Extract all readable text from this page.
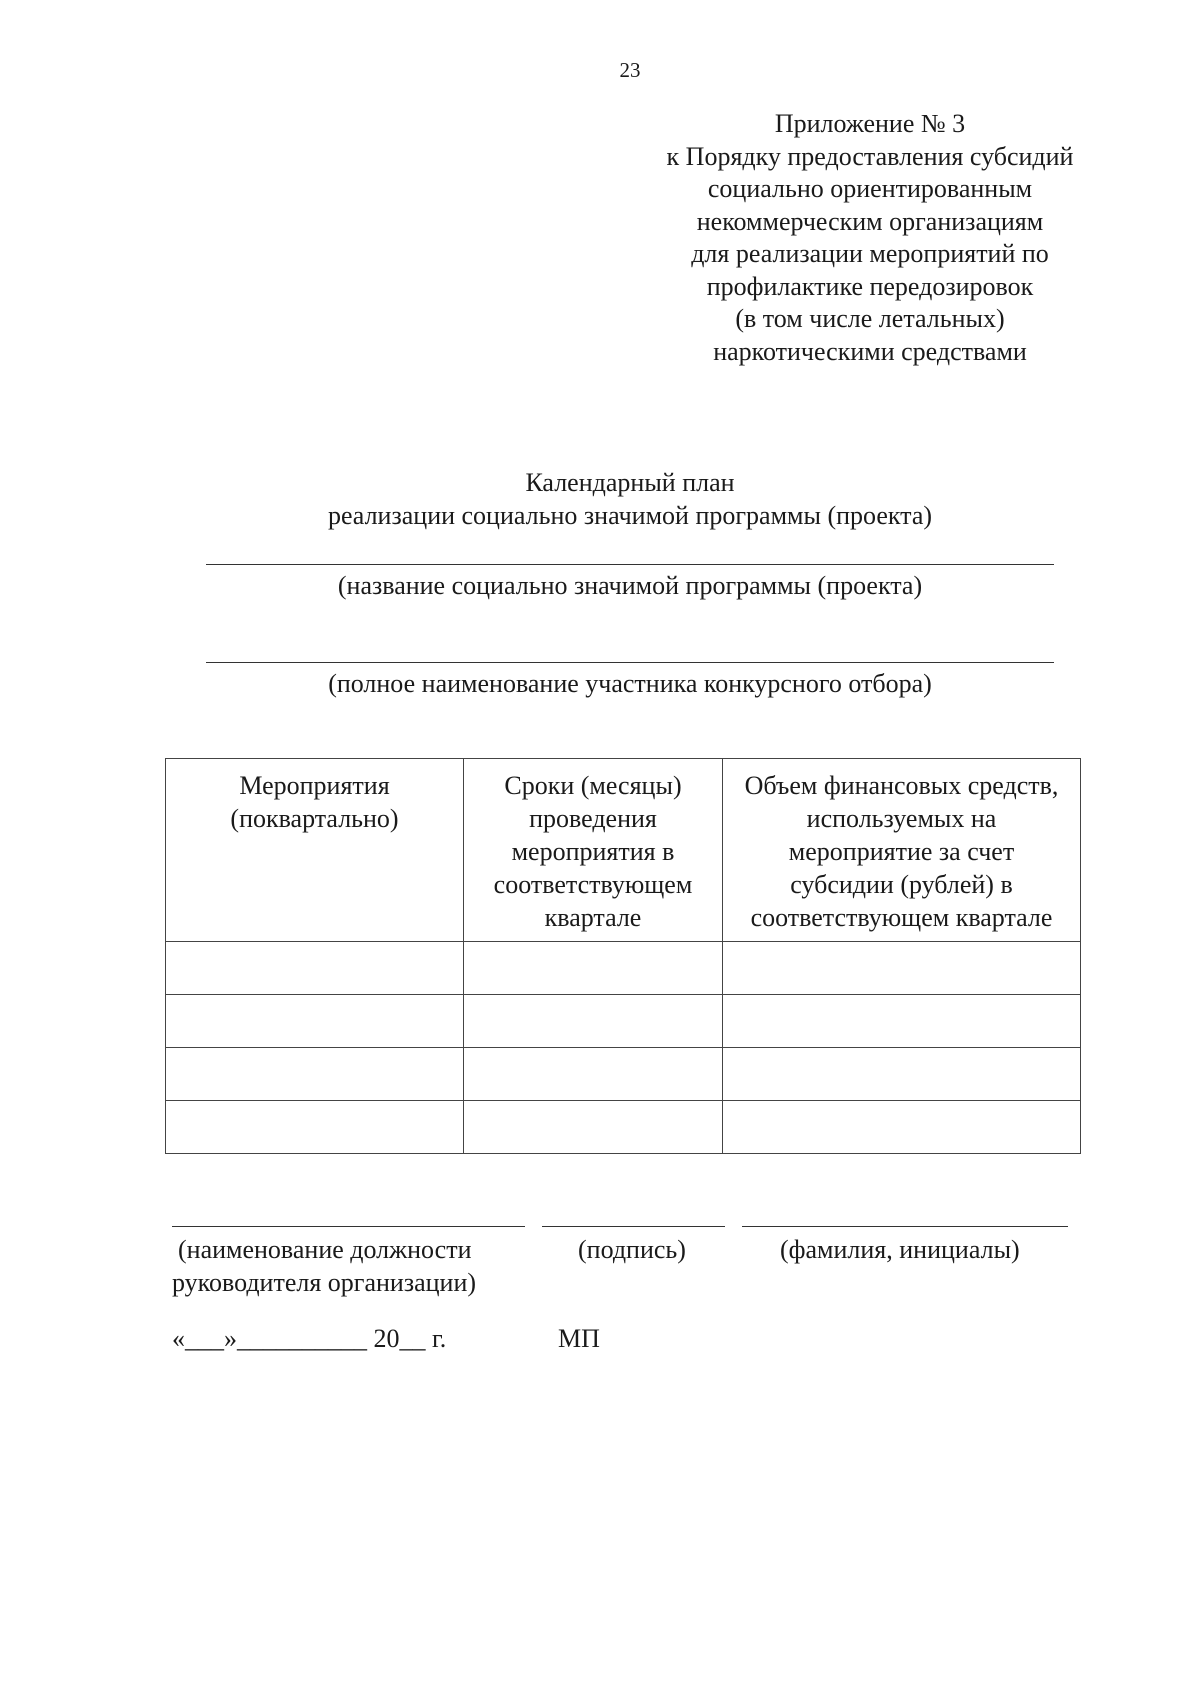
23
Приложение № 3
к Порядку предоставления субсидий
социально ориентированным
некоммерческим организациям
для реализации мероприятий по
профилактике передозировок
(в том числе летальных)
наркотическими средствами
Календарный план
реализации социально значимой программы (проекта)
(название социально значимой программы (проекта)
(полное наименование участника конкурсного отбора)
Мероприятия
(поквартально)	Сроки (месяцы)
проведения
мероприятия в
соответствующем
квартале	Объем финансовых средств,
используемых на
мероприятие за счет
субсидии (рублей) в
соответствующем квартале

(наименование должности
руководителя организации)
(подпись)	(фамилия, инициалы)
«___»__________ 20__ г.	МП
